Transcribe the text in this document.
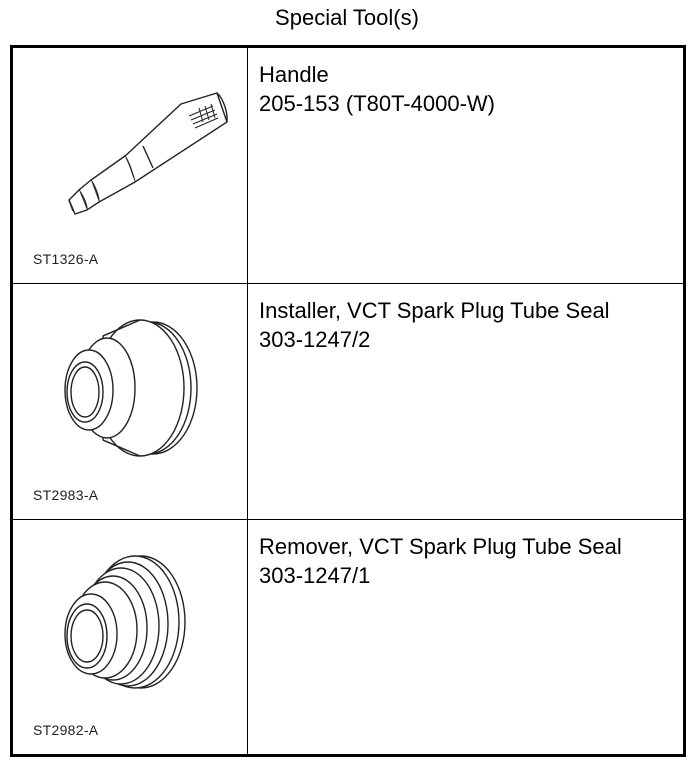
Special Tool(s)
ST1326-A
Handle
205-153 (T80T-4000-W)
ST2983-A
Installer, VCT Spark Plug Tube Seal
303-1247/2
ST2982-A
Remover, VCT Spark Plug Tube Seal
303-1247/1
